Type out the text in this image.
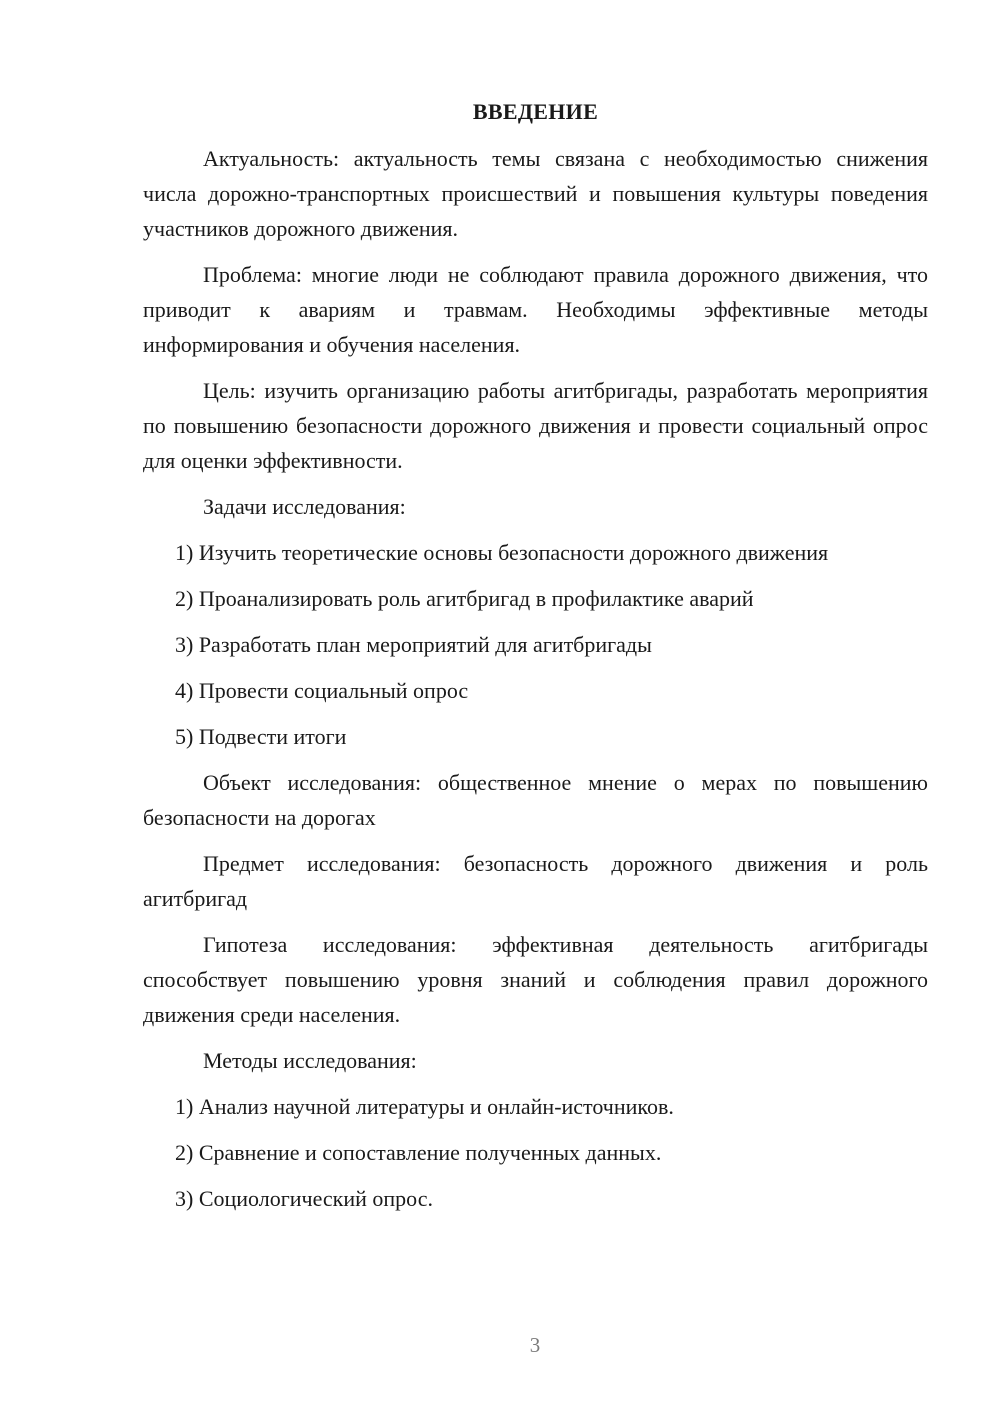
ВВЕДЕНИЕ

Актуальность: актуальность темы связана с необходимостью снижения числа дорожно-транспортных происшествий и повышения культуры поведения участников дорожного движения.

Проблема: многие люди не соблюдают правила дорожного движения, что приводит к авариям и травмам. Необходимы эффективные методы информирования и обучения населения.

Цель: изучить организацию работы агитбригады, разработать мероприятия по повышению безопасности дорожного движения и провести социальный опрос для оценки эффективности.

Задачи исследования:

1) Изучить теоретические основы безопасности дорожного движения
2) Проанализировать роль агитбригад в профилактике аварий
3) Разработать план мероприятий для агитбригады
4) Провести социальный опрос
5) Подвести итоги

Объект исследования: общественное мнение о мерах по повышению безопасности на дорогах

Предмет исследования: безопасность дорожного движения и роль агитбригад

Гипотеза исследования: эффективная деятельность агитбригады способствует повышению уровня знаний и соблюдения правил дорожного движения среди населения.

Методы исследования:

1) Анализ научной литературы и онлайн-источников.
2) Сравнение и сопоставление полученных данных.
3) Социологический опрос.
3
